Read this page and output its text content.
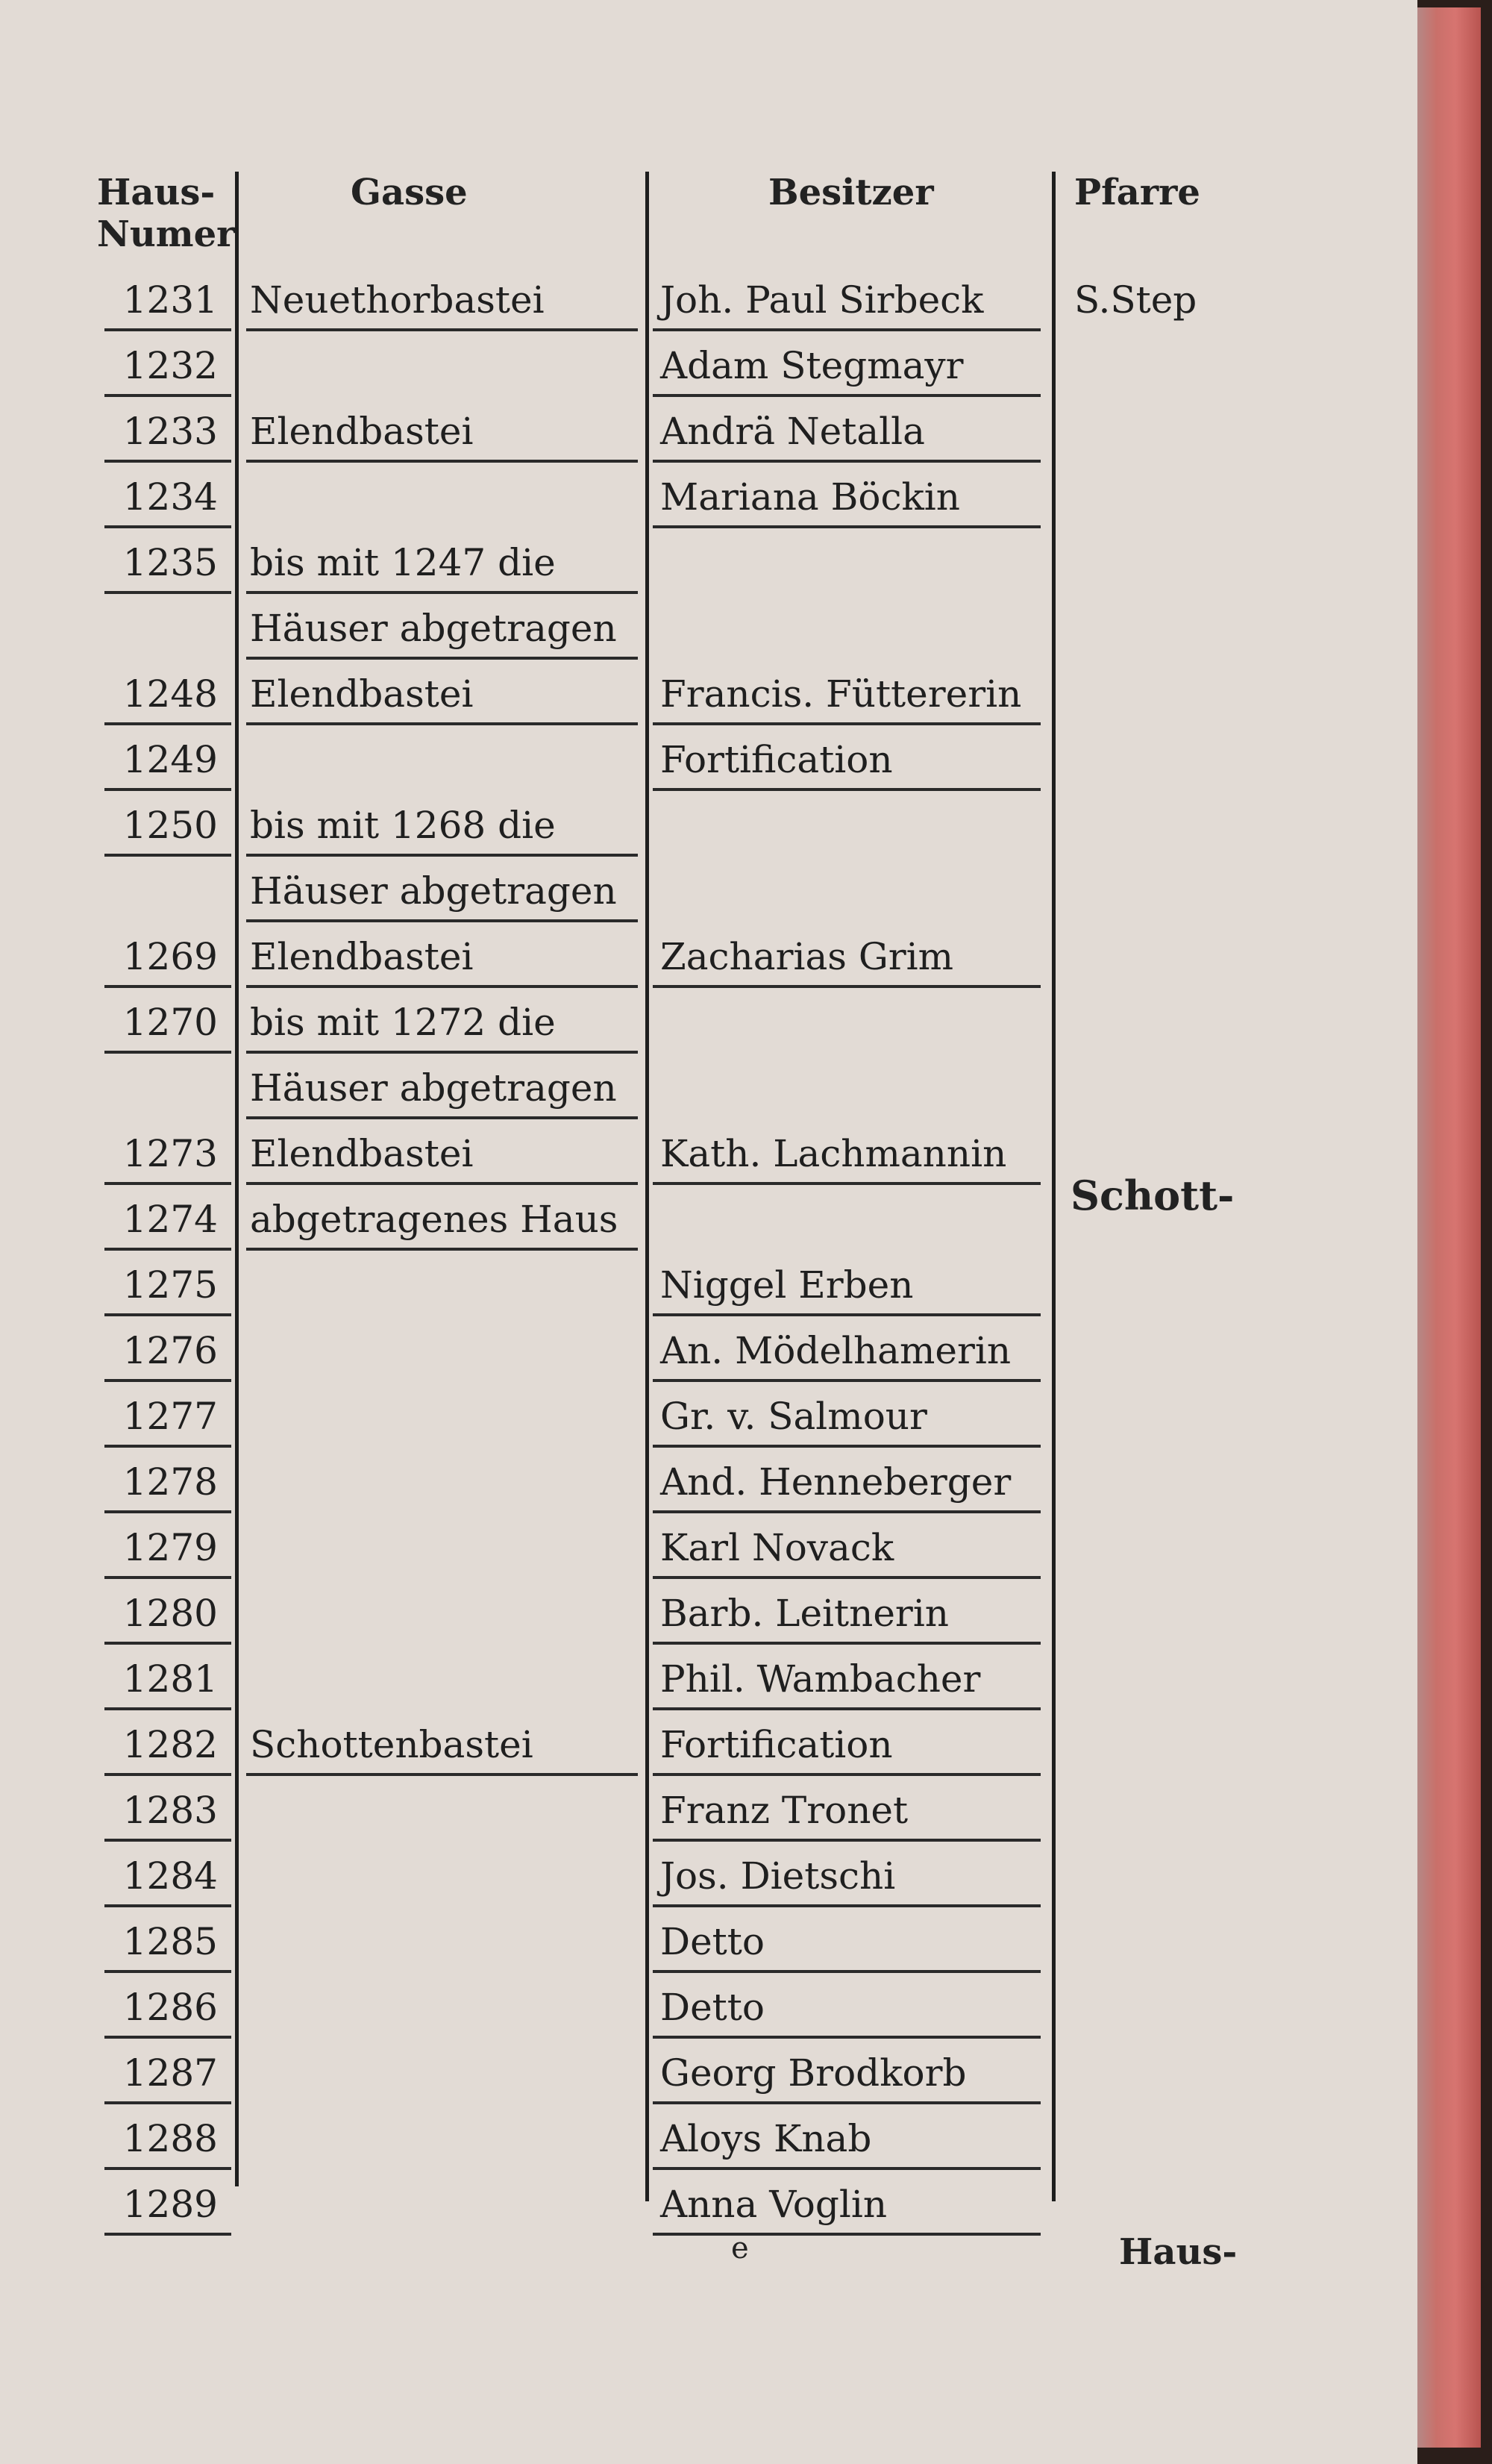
Haus-Numer
Gasse	Besitzer	Pfarre
1231 Neuethorbastei	Joh. Paul Sirbeck	S.Step
1232	Adam Stegmayr
1233 Elendbastei	Andrä Netalla
1234	Mariana Böckin
1235 bis mit 1247 die
Häuser abgetragen
1248 Elendbastei	Francis. Füttererin
1249	Fortification
1250 bis mit 1268 die
Häuser abgetragen
1269 Elendbastei	Zacharias Grim
1270 bis mit 1272 die
Häuser abgetragen
1273 Elendbastei	Kath. Lachmannin
1274 abgetragenes Haus
1275	Niggel Erben
1276	An. Mödelhamerin
1277	Gr. v. Salmour
1278	And. Henneberger
1279	Karl Novack
1280	Barb. Leitnerin
1281	Phil. Wambacher
1282 Schottenbastei	Fortification
1283	Franz Tronet
1284	Jos. Dietschi
1285	Detto
1286	Detto
1287	Georg Brodkorb
1288	Aloys Knab
1289	Anna Voglin
Schott-
e	Haus-
